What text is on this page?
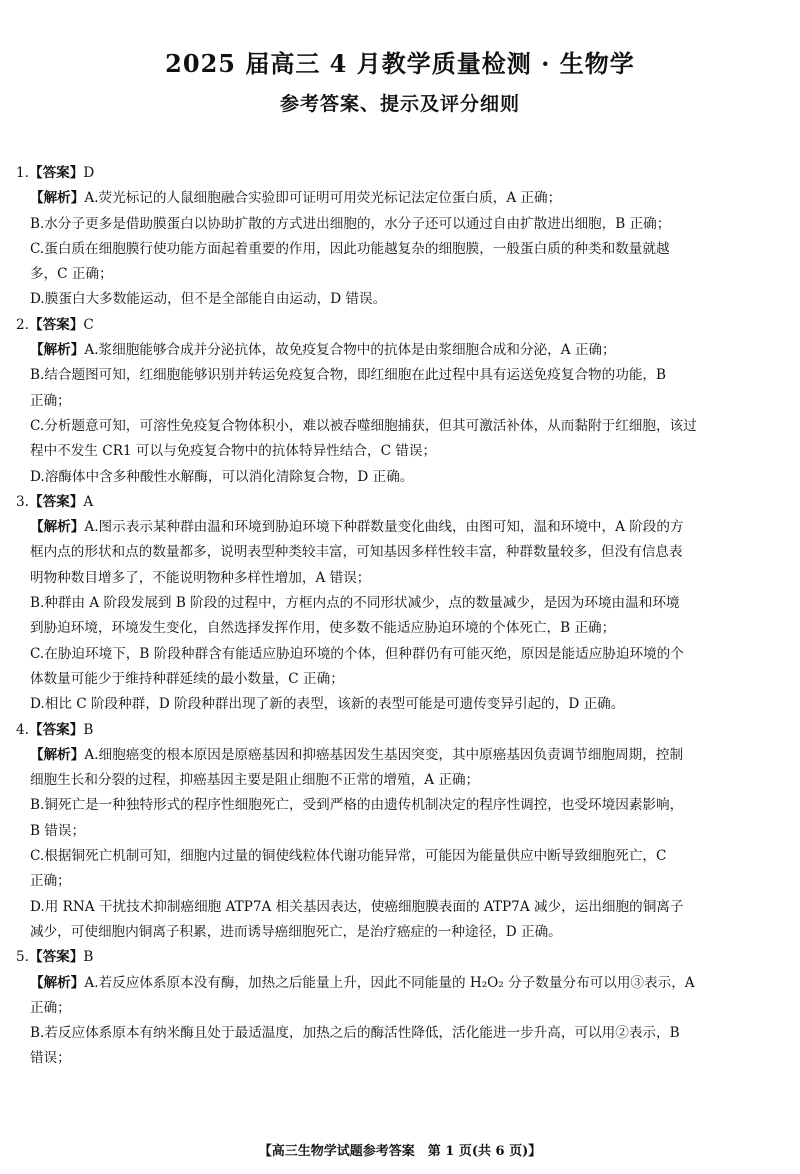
2025 届高三 4 月教学质量检测 · 生物学
参考答案、提示及评分细则
1.【答案】D
【解析】A.荧光标记的人鼠细胞融合实验即可证明可用荧光标记法定位蛋白质，A 正确；
B.水分子更多是借助膜蛋白以协助扩散的方式进出细胞的，水分子还可以通过自由扩散进出细胞，B 正确；
C.蛋白质在细胞膜行使功能方面起着重要的作用，因此功能越复杂的细胞膜，一般蛋白质的种类和数量就越
多，C 正确；
D.膜蛋白大多数能运动，但不是全部能自由运动，D 错误。
2.【答案】C
【解析】A.浆细胞能够合成并分泌抗体，故免疫复合物中的抗体是由浆细胞合成和分泌，A 正确；
B.结合题图可知，红细胞能够识别并转运免疫复合物，即红细胞在此过程中具有运送免疫复合物的功能，B
正确；
C.分析题意可知，可溶性免疫复合物体积小，难以被吞噬细胞捕获，但其可激活补体，从而黏附于红细胞，该过
程中不发生 CR1 可以与免疫复合物中的抗体特异性结合，C 错误；
D.溶酶体中含多种酸性水解酶，可以消化清除复合物，D 正确。
3.【答案】A
【解析】A.图示表示某种群由温和环境到胁迫环境下种群数量变化曲线，由图可知，温和环境中，A 阶段的方
框内点的形状和点的数量都多，说明表型种类较丰富，可知基因多样性较丰富，种群数量较多，但没有信息表
明物种数目增多了，不能说明物种多样性增加，A 错误；
B.种群由 A 阶段发展到 B 阶段的过程中，方框内点的不同形状减少，点的数量减少，是因为环境由温和环境
到胁迫环境，环境发生变化，自然选择发挥作用，使多数不能适应胁迫环境的个体死亡，B 正确；
C.在胁迫环境下，B 阶段种群含有能适应胁迫环境的个体，但种群仍有可能灭绝，原因是能适应胁迫环境的个
体数量可能少于维持种群延续的最小数量，C 正确；
D.相比 C 阶段种群，D 阶段种群出现了新的表型，该新的表型可能是可遗传变异引起的，D 正确。
4.【答案】B
【解析】A.细胞癌变的根本原因是原癌基因和抑癌基因发生基因突变，其中原癌基因负责调节细胞周期，控制
细胞生长和分裂的过程，抑癌基因主要是阻止细胞不正常的增殖，A 正确；
B.铜死亡是一种独特形式的程序性细胞死亡，受到严格的由遗传机制决定的程序性调控，也受环境因素影响，
B 错误；
C.根据铜死亡机制可知，细胞内过量的铜使线粒体代谢功能异常，可能因为能量供应中断导致细胞死亡，C
正确；
D.用 RNA 干扰技术抑制癌细胞 ATP7A 相关基因表达，使癌细胞膜表面的 ATP7A 减少，运出细胞的铜离子
减少，可使细胞内铜离子积累，进而诱导癌细胞死亡，是治疗癌症的一种途径，D 正确。
5.【答案】B
【解析】A.若反应体系原本没有酶，加热之后能量上升，因此不同能量的 H₂O₂ 分子数量分布可以用③表示，A
正确；
B.若反应体系原本有纳米酶且处于最适温度，加热之后的酶活性降低，活化能进一步升高，可以用②表示，B
错误；
【高三生物学试题参考答案　第 1 页(共 6 页)】
